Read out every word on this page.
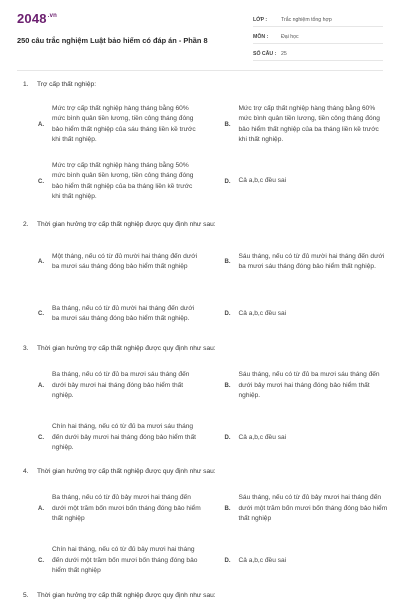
$2048^{.vn}$
250 câu trắc nghiệm Luật bảo hiểm có đáp án - Phần 8
LỚP :	Trắc nghiệm tổng hợp
MÔN :	Đại học
SỐ CÂU : 25
1.	Trợ cấp thất nghiệp:
A.
Mức trợ cấp thất nghiệp hàng tháng bằng 60% mức bình quân tiền lương, tiền công tháng đóng bảo hiểm thất nghiệp của sáu tháng liền kề trước khi thất nghiệp.
B.
Mức trợ cấp thất nghiệp hàng tháng bằng 60% mức bình quân tiền lương, tiền công tháng đóng bảo hiểm thất nghiệp của ba tháng liền kề trước khi thất nghiệp.
C.
Mức trợ cấp thất nghiệp hàng tháng bằng 50% mức bình quân tiền lương, tiền công tháng đóng bảo hiểm thất nghiệp của ba tháng liền kề trước khi thất nghiệp.
D.	Cả a,b,c đều sai
2.	Thời gian hưởng trợ cấp thất nghiệp được quy định như sau:
A.
Một tháng, nếu có từ đủ mười hai tháng đến dưới ba mươi sáu tháng đóng bảo hiểm thất nghiệp
B.
Sáu tháng, nếu có từ đủ mười hai tháng đến dưới ba mươi sáu tháng đóng bảo hiểm thất nghiệp.
C.
Ba tháng, nếu có từ đủ mười hai tháng đến dưới ba mươi sáu tháng đóng bảo hiểm thất nghiệp.
D.	Cả a,b,c đều sai
3.	Thời gian hưởng trợ cấp thất nghiệp được quy định như sau:
A.
Ba tháng, nếu có từ đủ ba mươi sáu tháng đến dưới bảy mươi hai tháng đóng bảo hiểm thất nghiệp.
B.
Sáu tháng, nếu có từ đủ ba mươi sáu tháng đến dưới bảy mươi hai tháng đóng bảo hiểm thất nghiệp.
C.
Chín hai tháng, nếu có từ đủ ba mươi sáu tháng đến dưới bảy mươi hai tháng đóng bảo hiểm thất nghiệp.
D.	Cả a,b,c đều sai
4.	Thời gian hưởng trợ cấp thất nghiệp được quy định như sau:
A.
Ba tháng, nếu có từ đủ bảy mươi hai tháng đến dưới một trăm bốn mươi bốn tháng đóng bảo hiểm thất nghiệp
B.
Sáu tháng, nếu có từ đủ bảy mươi hai tháng đến dưới một trăm bốn mươi bốn tháng đóng bảo hiểm thất nghiệp
C.
Chín hai tháng, nếu có từ đủ bảy mươi hai tháng đến dưới một trăm bốn mươi bốn tháng đóng bảo hiểm thất nghiệp
D.	Cả a,b,c đều sai
5.	Thời gian hưởng trợ cấp thất nghiệp được quy định như sau:
